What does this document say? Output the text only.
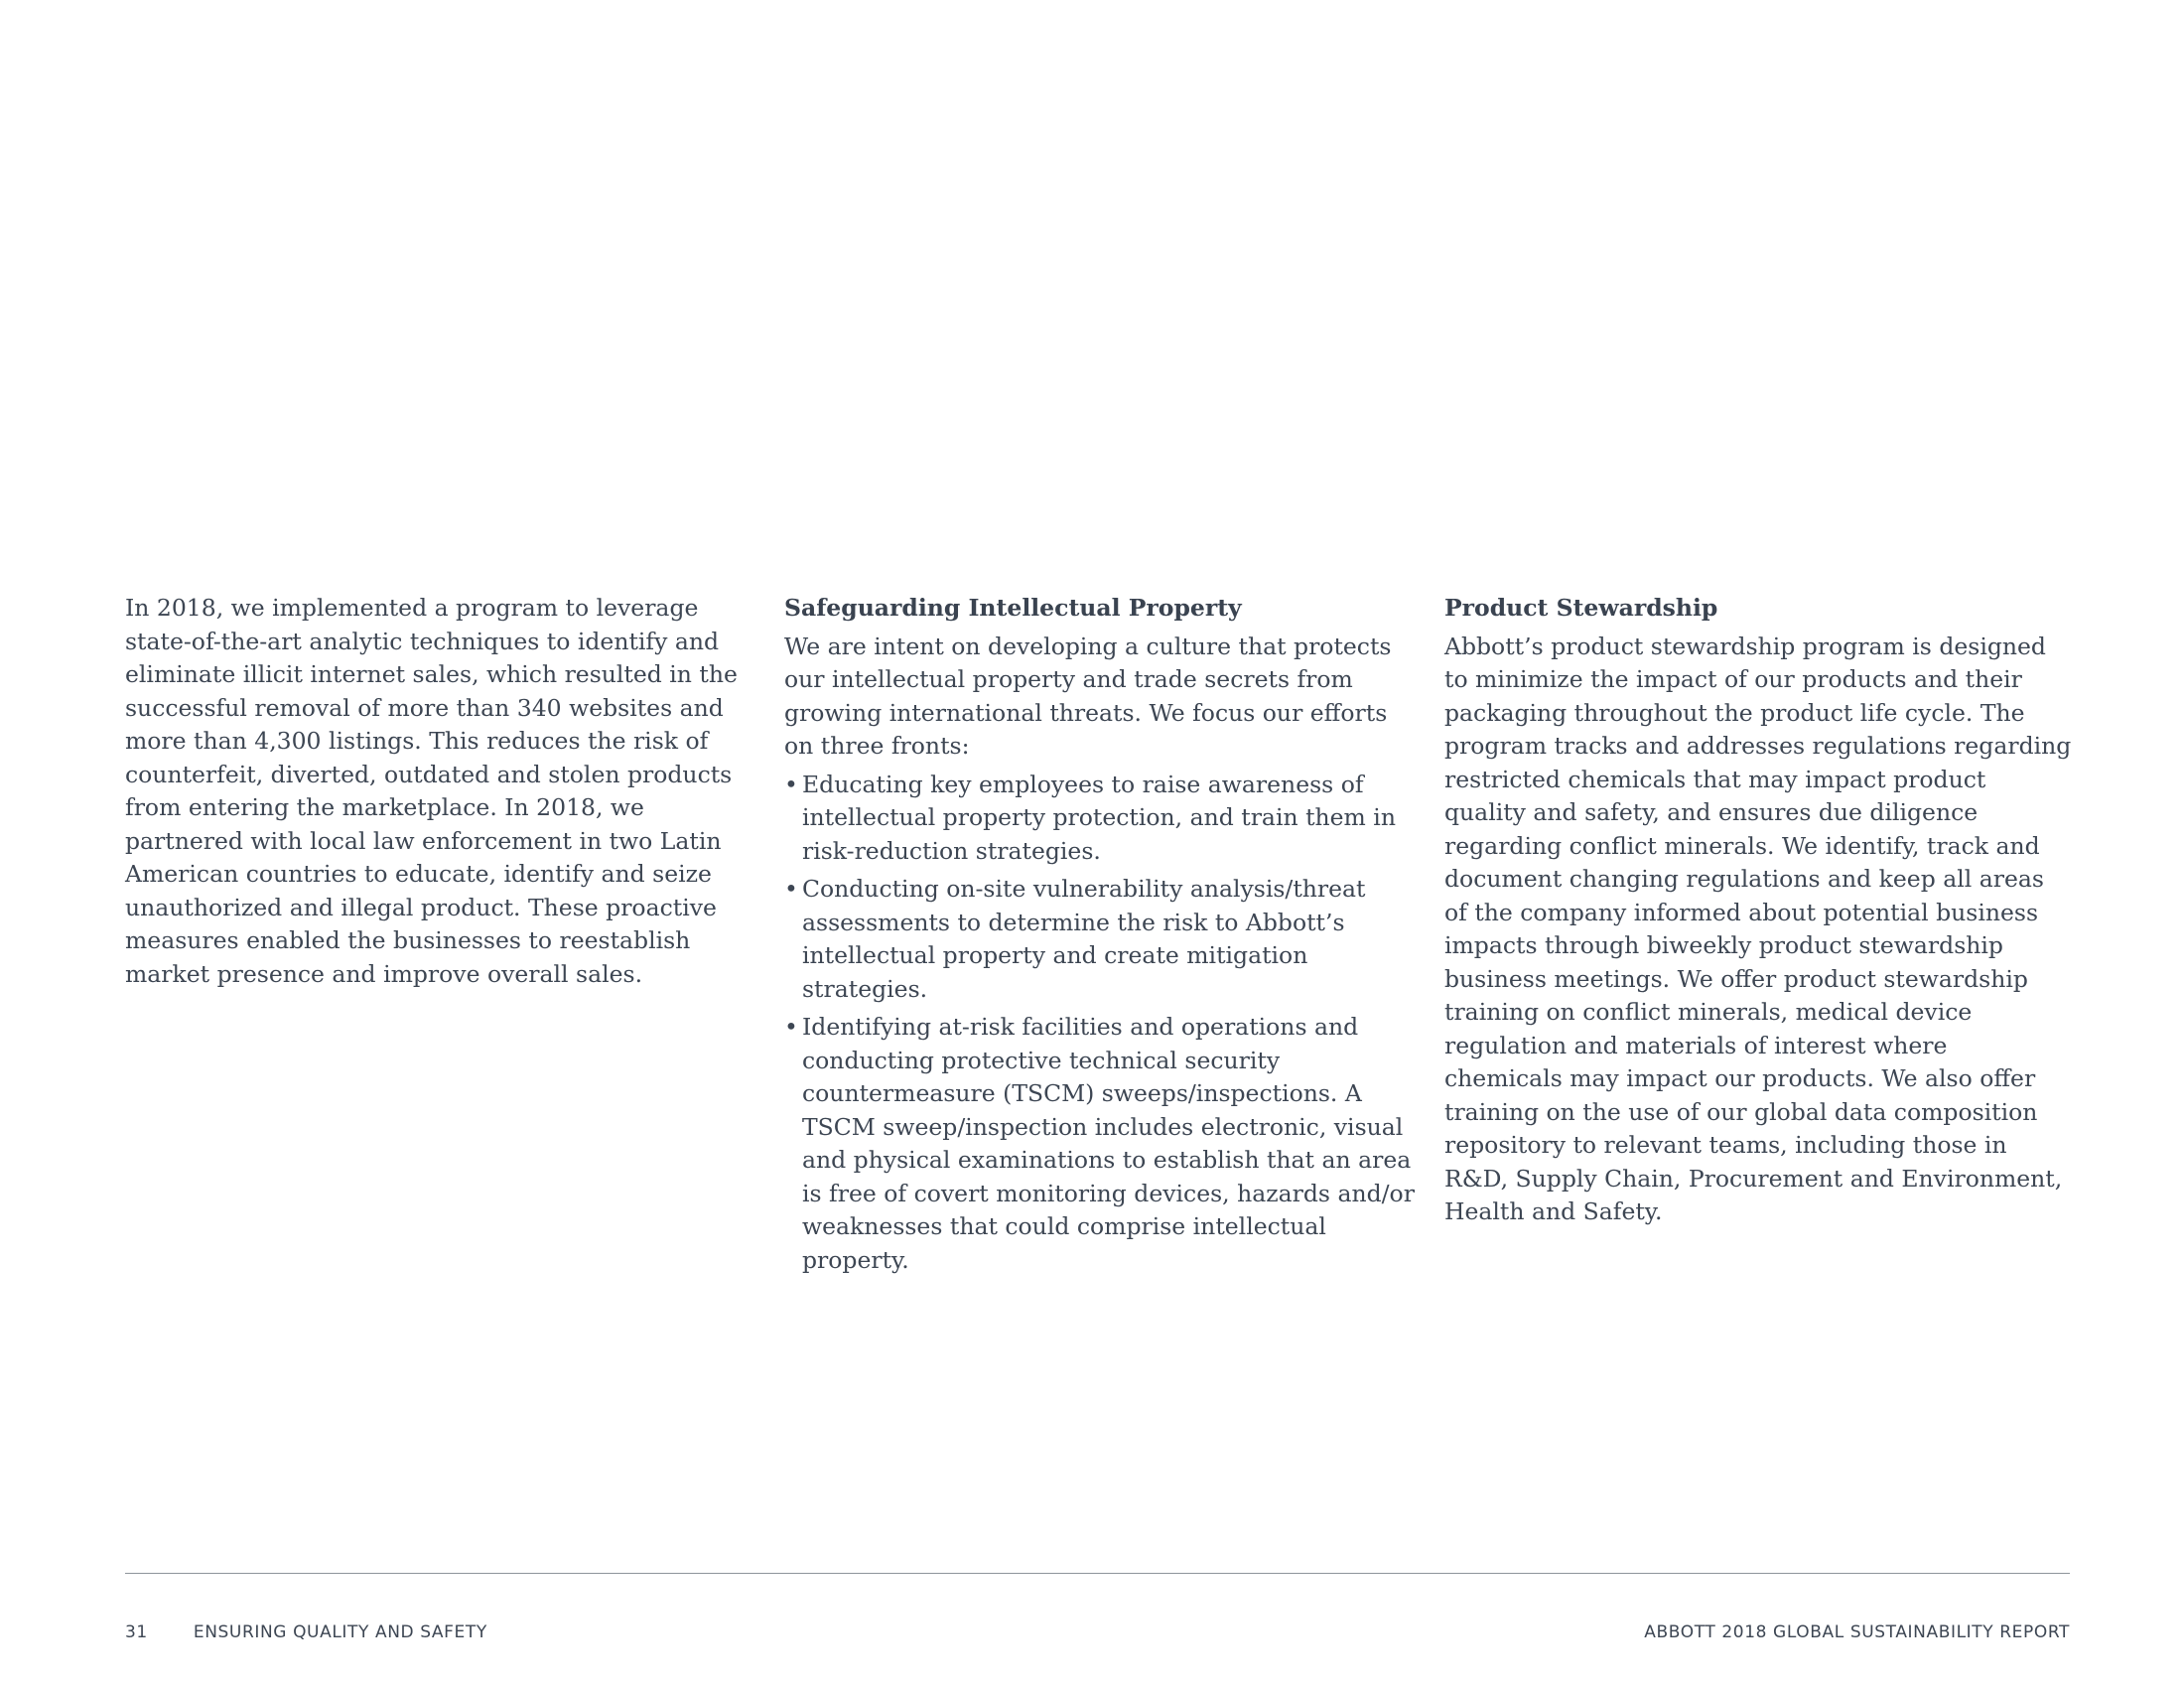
In 2018, we implemented a program to leverage state-of-the-art analytic techniques to identify and eliminate illicit internet sales, which resulted in the successful removal of more than 340 websites and more than 4,300 listings. This reduces the risk of counterfeit, diverted, outdated and stolen products from entering the marketplace. In 2018, we partnered with local law enforcement in two Latin American countries to educate, identify and seize unauthorized and illegal product. These proactive measures enabled the businesses to reestablish market presence and improve overall sales.

Safeguarding Intellectual Property

We are intent on developing a culture that protects our intellectual property and trade secrets from growing international threats. We focus our efforts on three fronts:

• Educating key employees to raise awareness of intellectual property protection, and train them in risk-reduction strategies.
• Conducting on-site vulnerability analysis/threat assessments to determine the risk to Abbott’s intellectual property and create mitigation strategies.
• Identifying at-risk facilities and operations and conducting protective technical security countermeasure (TSCM) sweeps/inspections. A TSCM sweep/inspection includes electronic, visual and physical examinations to establish that an area is free of covert monitoring devices, hazards and/or weaknesses that could comprise intellectual property.
Product Stewardship

Abbott’s product stewardship program is designed to minimize the impact of our products and their packaging throughout the product life cycle. The program tracks and addresses regulations regarding restricted chemicals that may impact product quality and safety, and ensures due diligence regarding conflict minerals. We identify, track and document changing regulations and keep all areas of the company informed about potential business impacts through biweekly product stewardship business meetings. We offer product stewardship training on conflict minerals, medical device regulation and materials of interest where chemicals may impact our products. We also offer training on the use of our global data composition repository to relevant teams, including those in R&D, Supply Chain, Procurement and Environment, Health and Safety.

31	ENSURING QUALITY AND SAFETY	ABBOTT 2018 GLOBAL SUSTAINABILITY REPORT
